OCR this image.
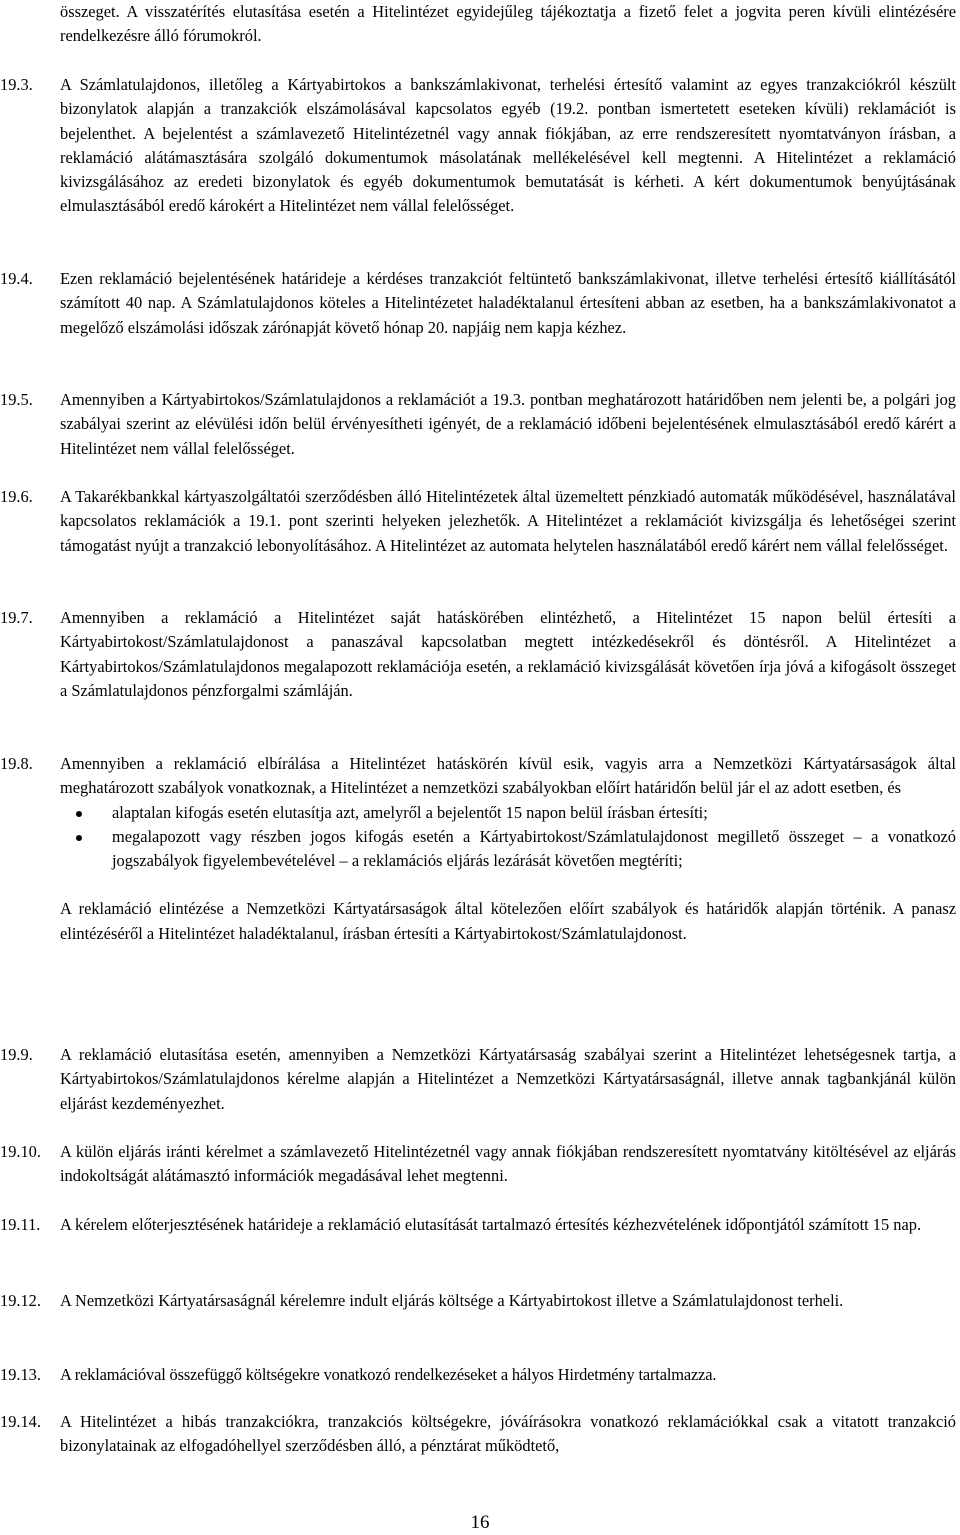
összeget. A visszatérítés elutasítása esetén a Hitelintézet egyidejűleg tájékoztatja a fizető felet a jogvita peren kívüli elintézésére rendelkezésre álló fórumokról.
19.3.	A Számlatulajdonos, illetőleg a Kártyabirtokos a bankszámlakivonat, terhelési értesítő valamint az egyes tranzakciókról készült bizonylatok alapján a tranzakciók elszámolásával kapcsolatos egyéb (19.2. pontban ismertetett eseteken kívüli) reklamációt is bejelenthet. A bejelentést a számlavezető Hitelintézetnél vagy annak fiókjában, az erre rendszeresített nyomtatványon írásban, a reklamáció alátámasztására szolgáló dokumentumok másolatának mellékelésével kell megtenni. A Hitelintézet a reklamáció kivizsgálásához az eredeti bizonylatok és egyéb dokumentumok bemutatását is kérheti. A kért dokumentumok benyújtásának elmulasztásából eredő károkért a Hitelintézet nem vállal felelősséget.
19.4.	Ezen reklamáció bejelentésének határideje a kérdéses tranzakciót feltüntető bankszámlakivonat, illetve terhelési értesítő kiállításától számított 40 nap. A Számlatulajdonos köteles a Hitelintézetet haladéktalanul értesíteni abban az esetben, ha a bankszámlakivonatot a megelőző elszámolási időszak zárónapját követő hónap 20. napjáig nem kapja kézhez.
19.5.	Amennyiben a Kártyabirtokos/Számlatulajdonos a reklamációt a 19.3. pontban meghatározott határidőben nem jelenti be, a polgári jog szabályai szerint az elévülési időn belül érvényesítheti igényét, de a reklamáció időbeni bejelentésének elmulasztásából eredő kárért a Hitelintézet nem vállal felelősséget.
19.6.	A Takarékbankkal kártyaszolgáltatói szerződésben álló Hitelintézetek által üzemeltett pénzkiadó automaták működésével, használatával kapcsolatos reklamációk a 19.1. pont szerinti helyeken jelezhetők. A Hitelintézet a reklamációt kivizsgálja és lehetőségei szerint támogatást nyújt a tranzakció lebonyolításához. A Hitelintézet az automata helytelen használatából eredő kárért nem vállal felelősséget.
19.7.	Amennyiben a reklamáció a Hitelintézet saját hatáskörében elintézhető, a Hitelintézet 15 napon belül értesíti a Kártyabirtokost/Számlatulajdonost a panaszával kapcsolatban megtett intézkedésekről és döntésről. A Hitelintézet a Kártyabirtokos/Számlatulajdonos megalapozott reklamációja esetén, a reklamáció kivizsgálását követően írja jóvá a kifogásolt összeget a Számlatulajdonos pénzforgalmi számláján.
19.8.	Amennyiben a reklamáció elbírálása a Hitelintézet hatáskörén kívül esik, vagyis arra a Nemzetközi Kártyatársaságok által meghatározott szabályok vonatkoznak, a Hitelintézet a nemzetközi szabályokban előírt határidőn belül jár el az adott esetben, és

alaptalan kifogás esetén elutasítja azt, amelyről a bejelentőt 15 napon belül írásban értesíti;
megalapozott vagy részben jogos kifogás esetén a Kártyabirtokost/Számlatulajdonost megillető összeget – a vonatkozó jogszabályok figyelembevételével – a reklamációs eljárás lezárását követően megtéríti;

A reklamáció elintézése a Nemzetközi Kártyatársaságok által kötelezően előírt szabályok és határidők alapján történik. A panasz elintézéséről a Hitelintézet haladéktalanul, írásban értesíti a Kártyabirtokost/Számlatulajdonost.

19.9.	A reklamáció elutasítása esetén, amennyiben a Nemzetközi Kártyatársaság szabályai szerint a Hitelintézet lehetségesnek tartja, a Kártyabirtokos/Számlatulajdonos kérelme alapján a Hitelintézet a Nemzetközi Kártyatársaságnál, illetve annak tagbankjánál külön eljárást kezdeményezhet.
19.10.	A külön eljárás iránti kérelmet a számlavezető Hitelintézetnél vagy annak fiókjában rendszeresített nyomtatvány kitöltésével az eljárás indokoltságát alátámasztó információk megadásával lehet megtenni.
19.11.	A kérelem előterjesztésének határideje a reklamáció elutasítását tartalmazó értesítés kézhezvételének időpontjától számított 15 nap.
19.12.	A Nemzetközi Kártyatársaságnál kérelemre indult eljárás költsége a Kártyabirtokost illetve a Számlatulajdonost terheli.
19.13.	A reklamációval összefüggő költségekre vonatkozó rendelkezéseket a hályos Hirdetmény tartalmazza.
19.14.	A Hitelintézet a hibás tranzakciókra, tranzakciós költségekre, jóváírásokra vonatkozó reklamációkkal csak a vitatott tranzakció bizonylatainak az elfogadóhellyel szerződésben álló, a pénztárat működtető,
16
